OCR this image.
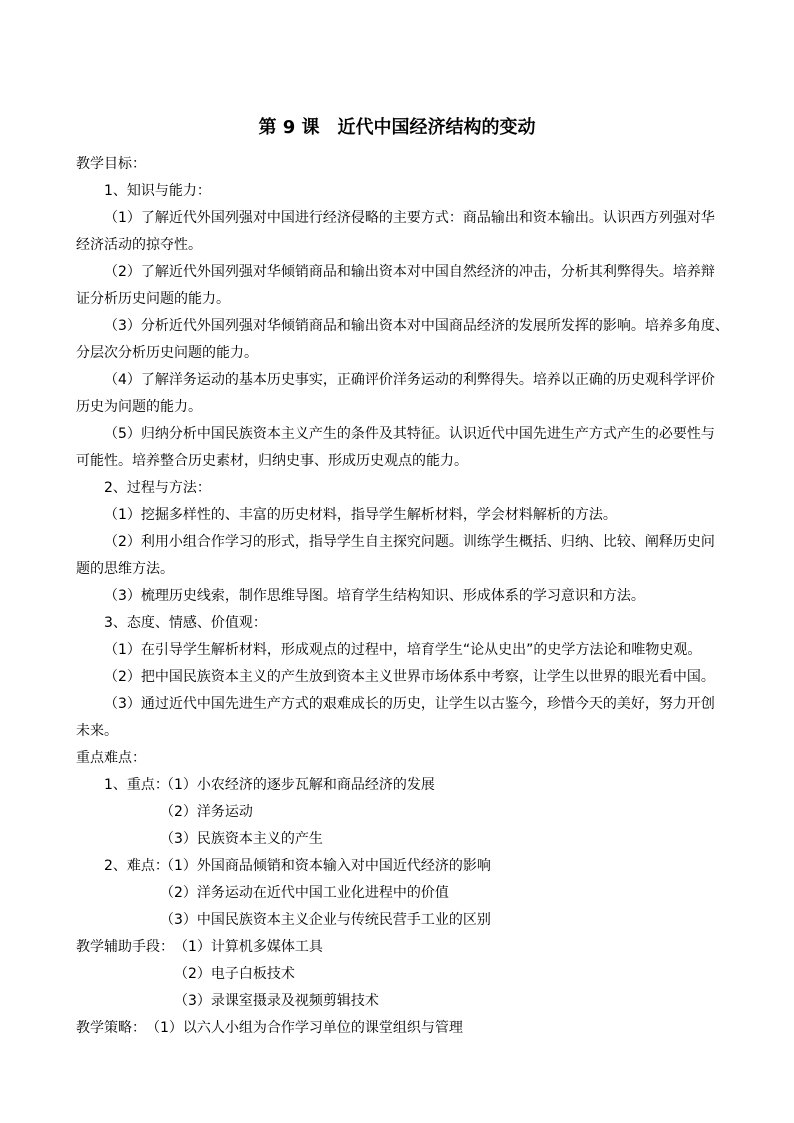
第 9 课　近代中国经济结构的变动
教学目标：
1、知识与能力：
（1）了解近代外国列强对中国进行经济侵略的主要方式：商品输出和资本输出。认识西方列强对华
经济活动的掠夺性。
（2）了解近代外国列强对华倾销商品和输出资本对中国自然经济的冲击，分析其利弊得失。培养辩
证分析历史问题的能力。
（3）分析近代外国列强对华倾销商品和输出资本对中国商品经济的发展所发挥的影响。培养多角度、
分层次分析历史问题的能力。
（4）了解洋务运动的基本历史事实，正确评价洋务运动的利弊得失。培养以正确的历史观科学评价
历史为问题的能力。
（5）归纳分析中国民族资本主义产生的条件及其特征。认识近代中国先进生产方式产生的必要性与
可能性。培养整合历史素材，归纳史事、形成历史观点的能力。
2、过程与方法：
（1）挖掘多样性的、丰富的历史材料，指导学生解析材料，学会材料解析的方法。
（2）利用小组合作学习的形式，指导学生自主探究问题。训练学生概括、归纳、比较、阐释历史问
题的思维方法。
（3）梳理历史线索，制作思维导图。培育学生结构知识、形成体系的学习意识和方法。
3、态度、情感、价值观：
（1）在引导学生解析材料，形成观点的过程中，培育学生“论从史出”的史学方法论和唯物史观。
（2）把中国民族资本主义的产生放到资本主义世界市场体系中考察，让学生以世界的眼光看中国。
（3）通过近代中国先进生产方式的艰难成长的历史，让学生以古鉴今，珍惜今天的美好，努力开创
未来。
重点难点：
1、重点：
（1）小农经济的逐步瓦解和商品经济的发展
（2）洋务运动
（3）民族资本主义的产生
2、难点：
（1）外国商品倾销和资本输入对中国近代经济的影响
（2）洋务运动在近代中国工业化进程中的价值
（3）中国民族资本主义企业与传统民营手工业的区别
教学辅助手段： （1）计算机多媒体工具
（2）电子白板技术
（3）录课室摄录及视频剪辑技术
教学策略： （1）以六人小组为合作学习单位的课堂组织与管理
